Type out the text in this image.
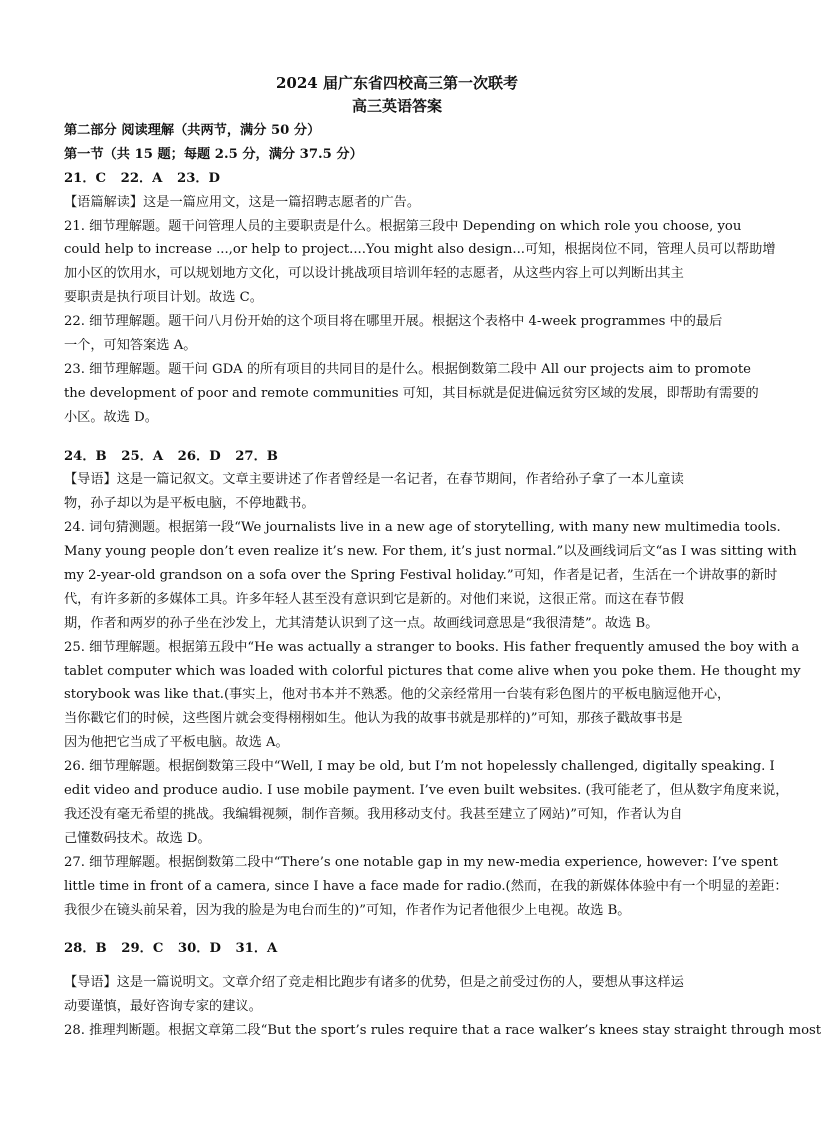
2024 届广东省四校高三第一次联考
高三英语答案
第二部分 阅读理解（共两节，满分 50 分）
第一节（共 15 题；每题 2.5 分，满分 37.5 分）
21．C 22．A 23．D
【语篇解读】这是一篇应用文，这是一篇招聘志愿者的广告。
21. 细节理解题。题干问管理人员的主要职责是什么。根据第三段中 Depending on which role you choose, you
could help to increase ...,or help to project....You might also design...可知，根据岗位不同，管理人员可以帮助增
加小区的饮用水，可以规划地方文化，可以设计挑战项目培训年轻的志愿者，从这些内容上可以判断出其主
要职责是执行项目计划。故选 C。
22. 细节理解题。题干问八月份开始的这个项目将在哪里开展。根据这个表格中 4-week programmes 中的最后
一个，可知答案选 A。
23. 细节理解题。题干问 GDA 的所有项目的共同目的是什么。根据倒数第二段中 All our projects aim to promote
the development of poor and remote communities 可知，其目标就是促进偏远贫穷区域的发展，即帮助有需要的
小区。故选 D。
24．B 25．A 26．D 27．B
【导语】这是一篇记叙文。文章主要讲述了作者曾经是一名记者，在春节期间，作者给孙子拿了一本儿童读
物，孙子却以为是平板电脑，不停地戳书。
24. 词句猜测题。根据第一段“We journalists live in a new age of storytelling, with many new multimedia tools.
Many young people don’t even realize it’s new. For them, it’s just normal.”以及画线词后文“as I was sitting with
my 2-year-old grandson on a sofa over the Spring Festival holiday.”可知，作者是记者，生活在一个讲故事的新时
代，有许多新的多媒体工具。许多年轻人甚至没有意识到它是新的。对他们来说，这很正常。而这在春节假
期，作者和两岁的孙子坐在沙发上，尤其清楚认识到了这一点。故画线词意思是“我很清楚”。故选 B。
25. 细节理解题。根据第五段中“He was actually a stranger to books. His father frequently amused the boy with a
tablet computer which was loaded with colorful pictures that come alive when you poke them. He thought my
storybook was like that.(事实上，他对书本并不熟悉。他的父亲经常用一台装有彩色图片的平板电脑逗他开心，
当你戳它们的时候，这些图片就会变得栩栩如生。他认为我的故事书就是那样的)”可知，那孩子戳故事书是
因为他把它当成了平板电脑。故选 A。
26. 细节理解题。根据倒数第三段中“Well, I may be old, but I’m not hopelessly challenged, digitally speaking. I
edit video and produce audio. I use mobile payment. I’ve even built websites. (我可能老了，但从数字角度来说，
我还没有毫无希望的挑战。我编辑视频，制作音频。我用移动支付。我甚至建立了网站)”可知，作者认为自
己懂数码技术。故选 D。
27. 细节理解题。根据倒数第二段中“There’s one notable gap in my new-media experience, however: I’ve spent
little time in front of a camera, since I have a face made for radio.(然而，在我的新媒体体验中有一个明显的差距：
我很少在镜头前呆着，因为我的脸是为电台而生的)”可知，作者作为记者他很少上电视。故选 B。
28．B 29．C 30．D 31．A
【导语】这是一篇说明文。文章介绍了竞走相比跑步有诸多的优势，但是之前受过伤的人，要想从事这样运
动要谨慎，最好咨询专家的建议。
28. 推理判断题。根据文章第二段“But the sport’s rules require that a race walker’s knees stay straight through most
